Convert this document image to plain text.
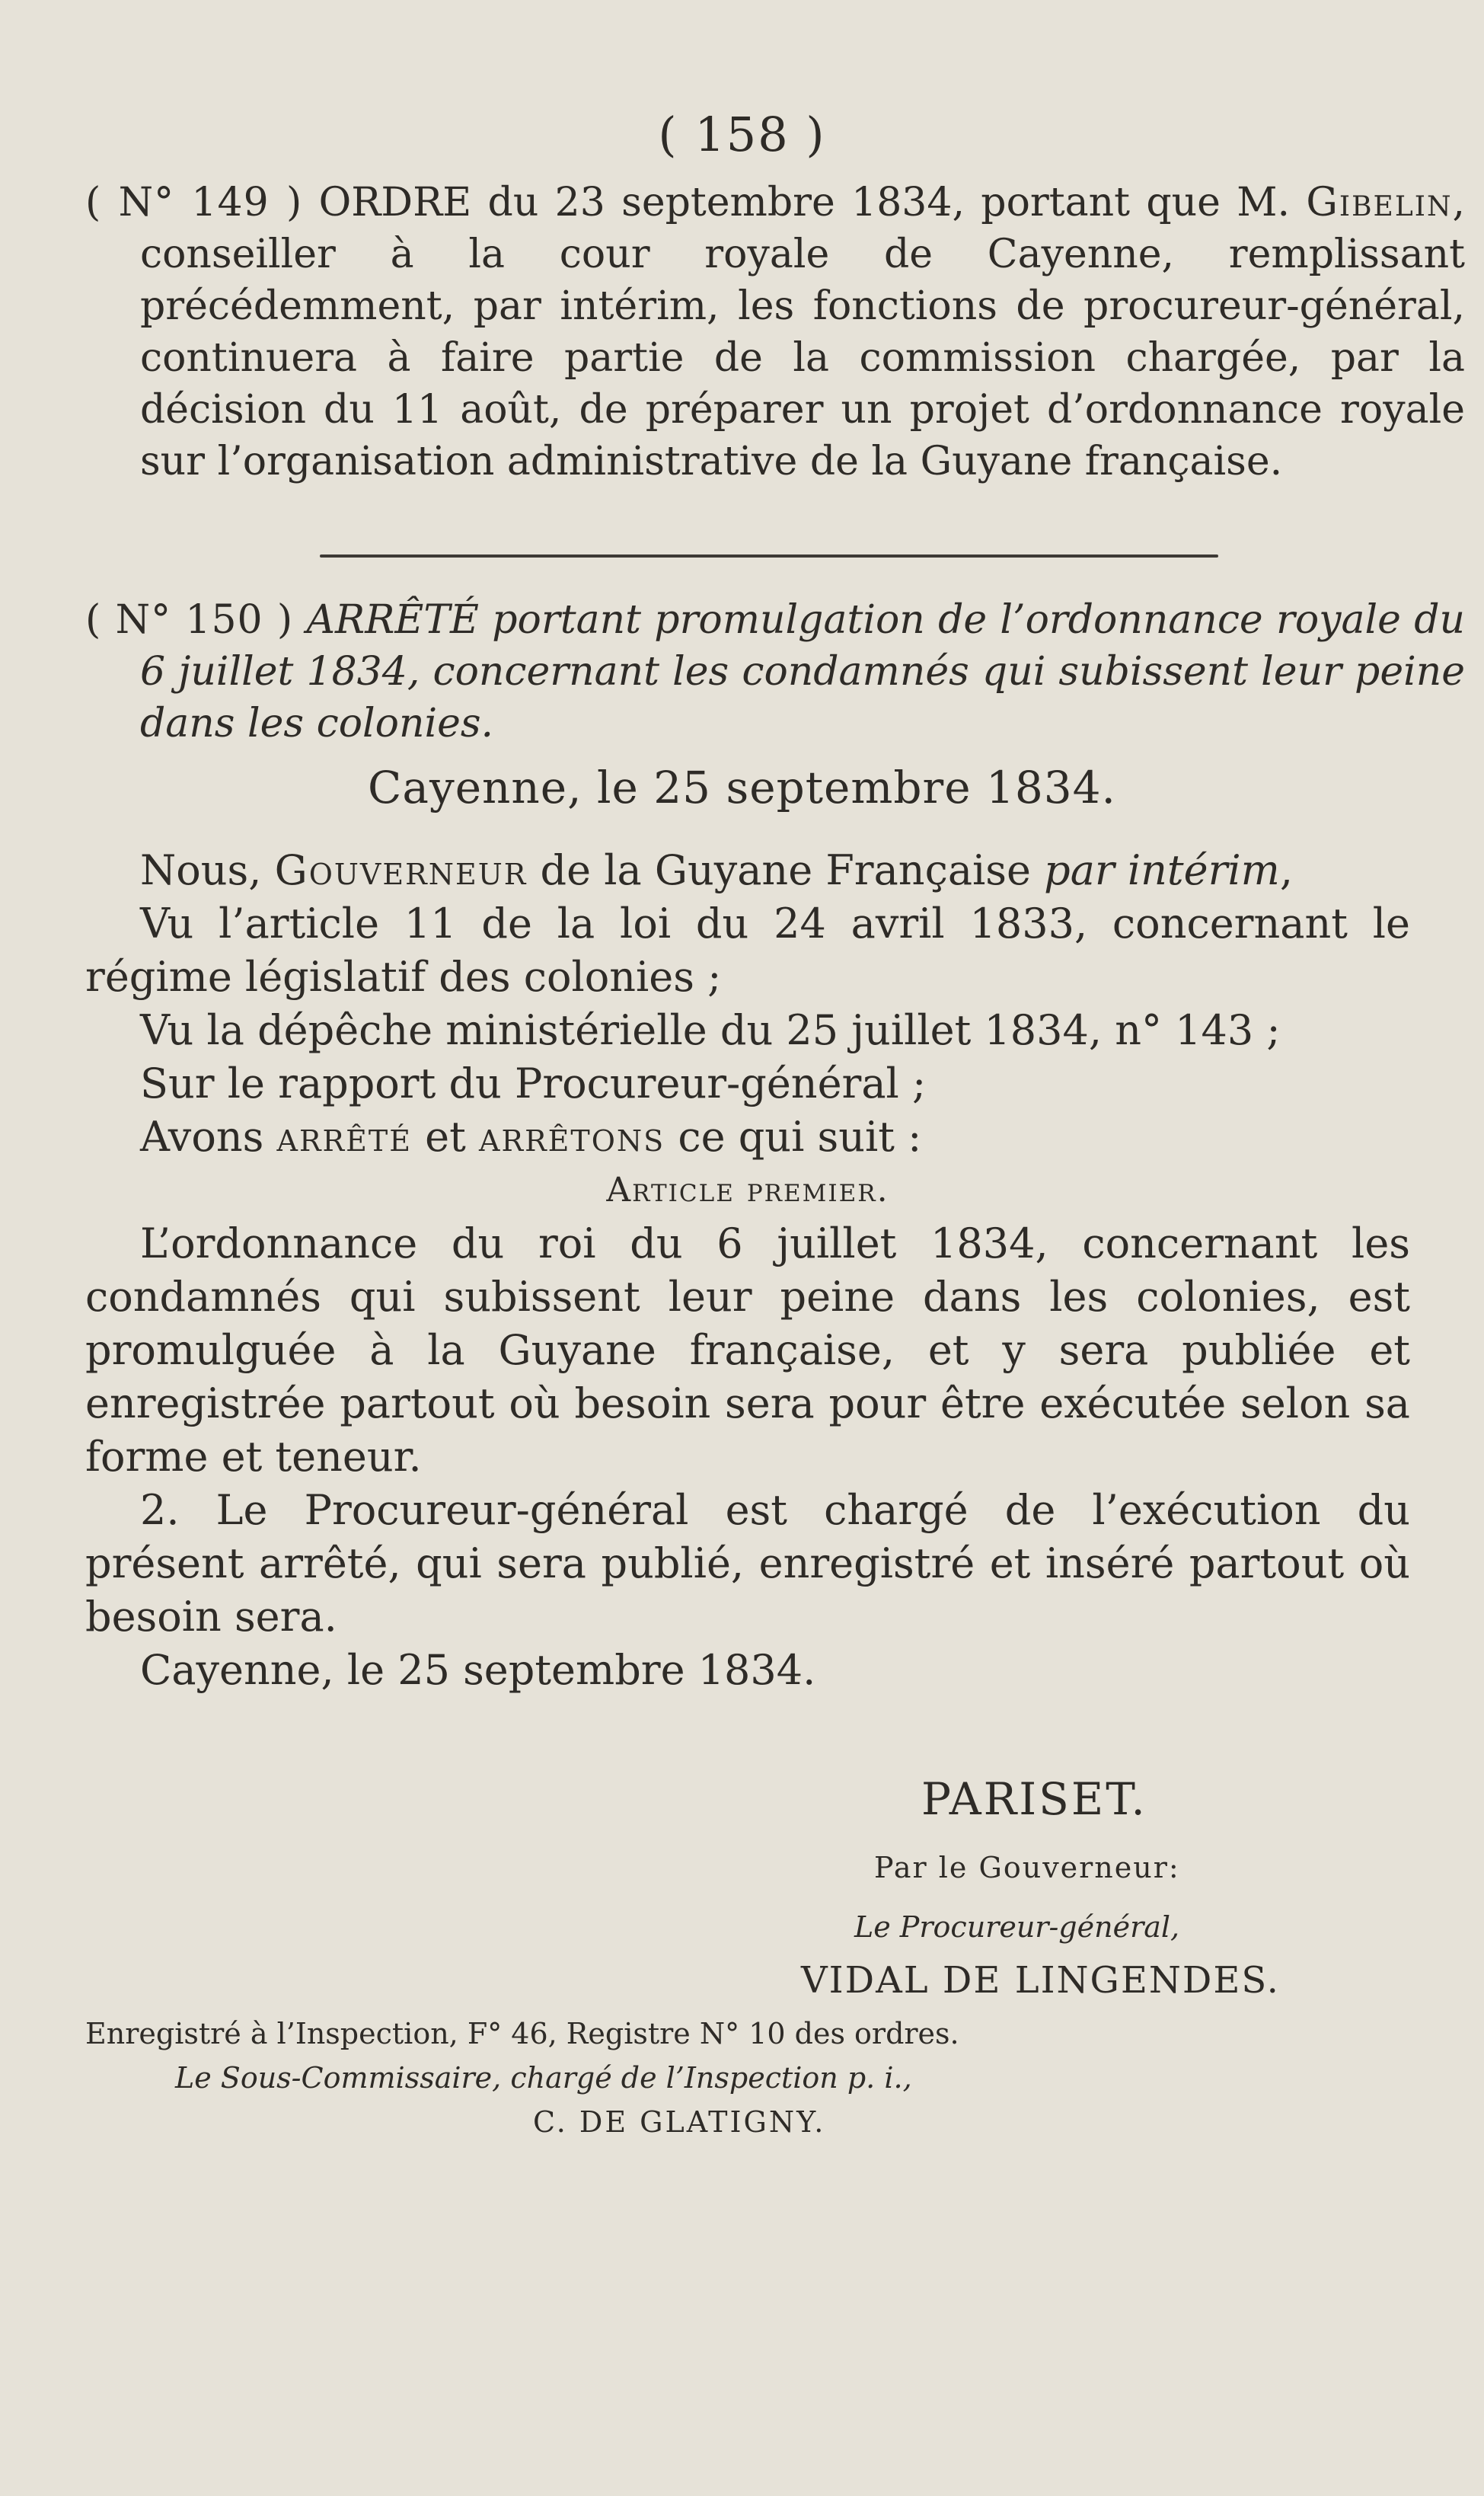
( 158 )
( N° 149 ) ORDRE du 23 septembre 1834, portant que M. Gibelin, conseiller à la cour royale de Cayenne, remplissant précédemment, par intérim, les fonctions de procureur-général, continuera à faire partie de la commission chargée, par la décision du 11 août, de préparer un projet d’ordonnance royale sur l’organisation administrative de la Guyane française.
( N° 150 ) ARRÊTÉ portant promulgation de l’ordonnance royale du 6 juillet 1834, concernant les condamnés qui subissent leur peine dans les colonies.
Cayenne, le 25 septembre 1834.

Nous, Gouverneur de la Guyane Française par intérim,

Vu l’article 11 de la loi du 24 avril 1833, concernant le régime législatif des colonies ;

Vu la dépêche ministérielle du 25 juillet 1834, n° 143 ;

Sur le rapport du Procureur-général ;

Avons arrêté et arrêtons ce qui suit :

Article premier.

L’ordonnance du roi du 6 juillet 1834, concernant les condamnés qui subissent leur peine dans les colonies, est promulguée à la Guyane française, et y sera publiée et enregistrée partout où besoin sera pour être exécutée selon sa forme et teneur.

2. Le Procureur-général est chargé de l’exécution du présent arrêté, qui sera publié, enregistré et inséré partout où besoin sera.

Cayenne, le 25 septembre 1834.

PARISET.
Par le Gouverneur:
Le Procureur-général,
VIDAL DE LINGENDES.
Enregistré à l’Inspection, F° 46, Registre N° 10 des ordres.
Le Sous-Commissaire, chargé de l’Inspection p. i.,
C. DE GLATIGNY.
